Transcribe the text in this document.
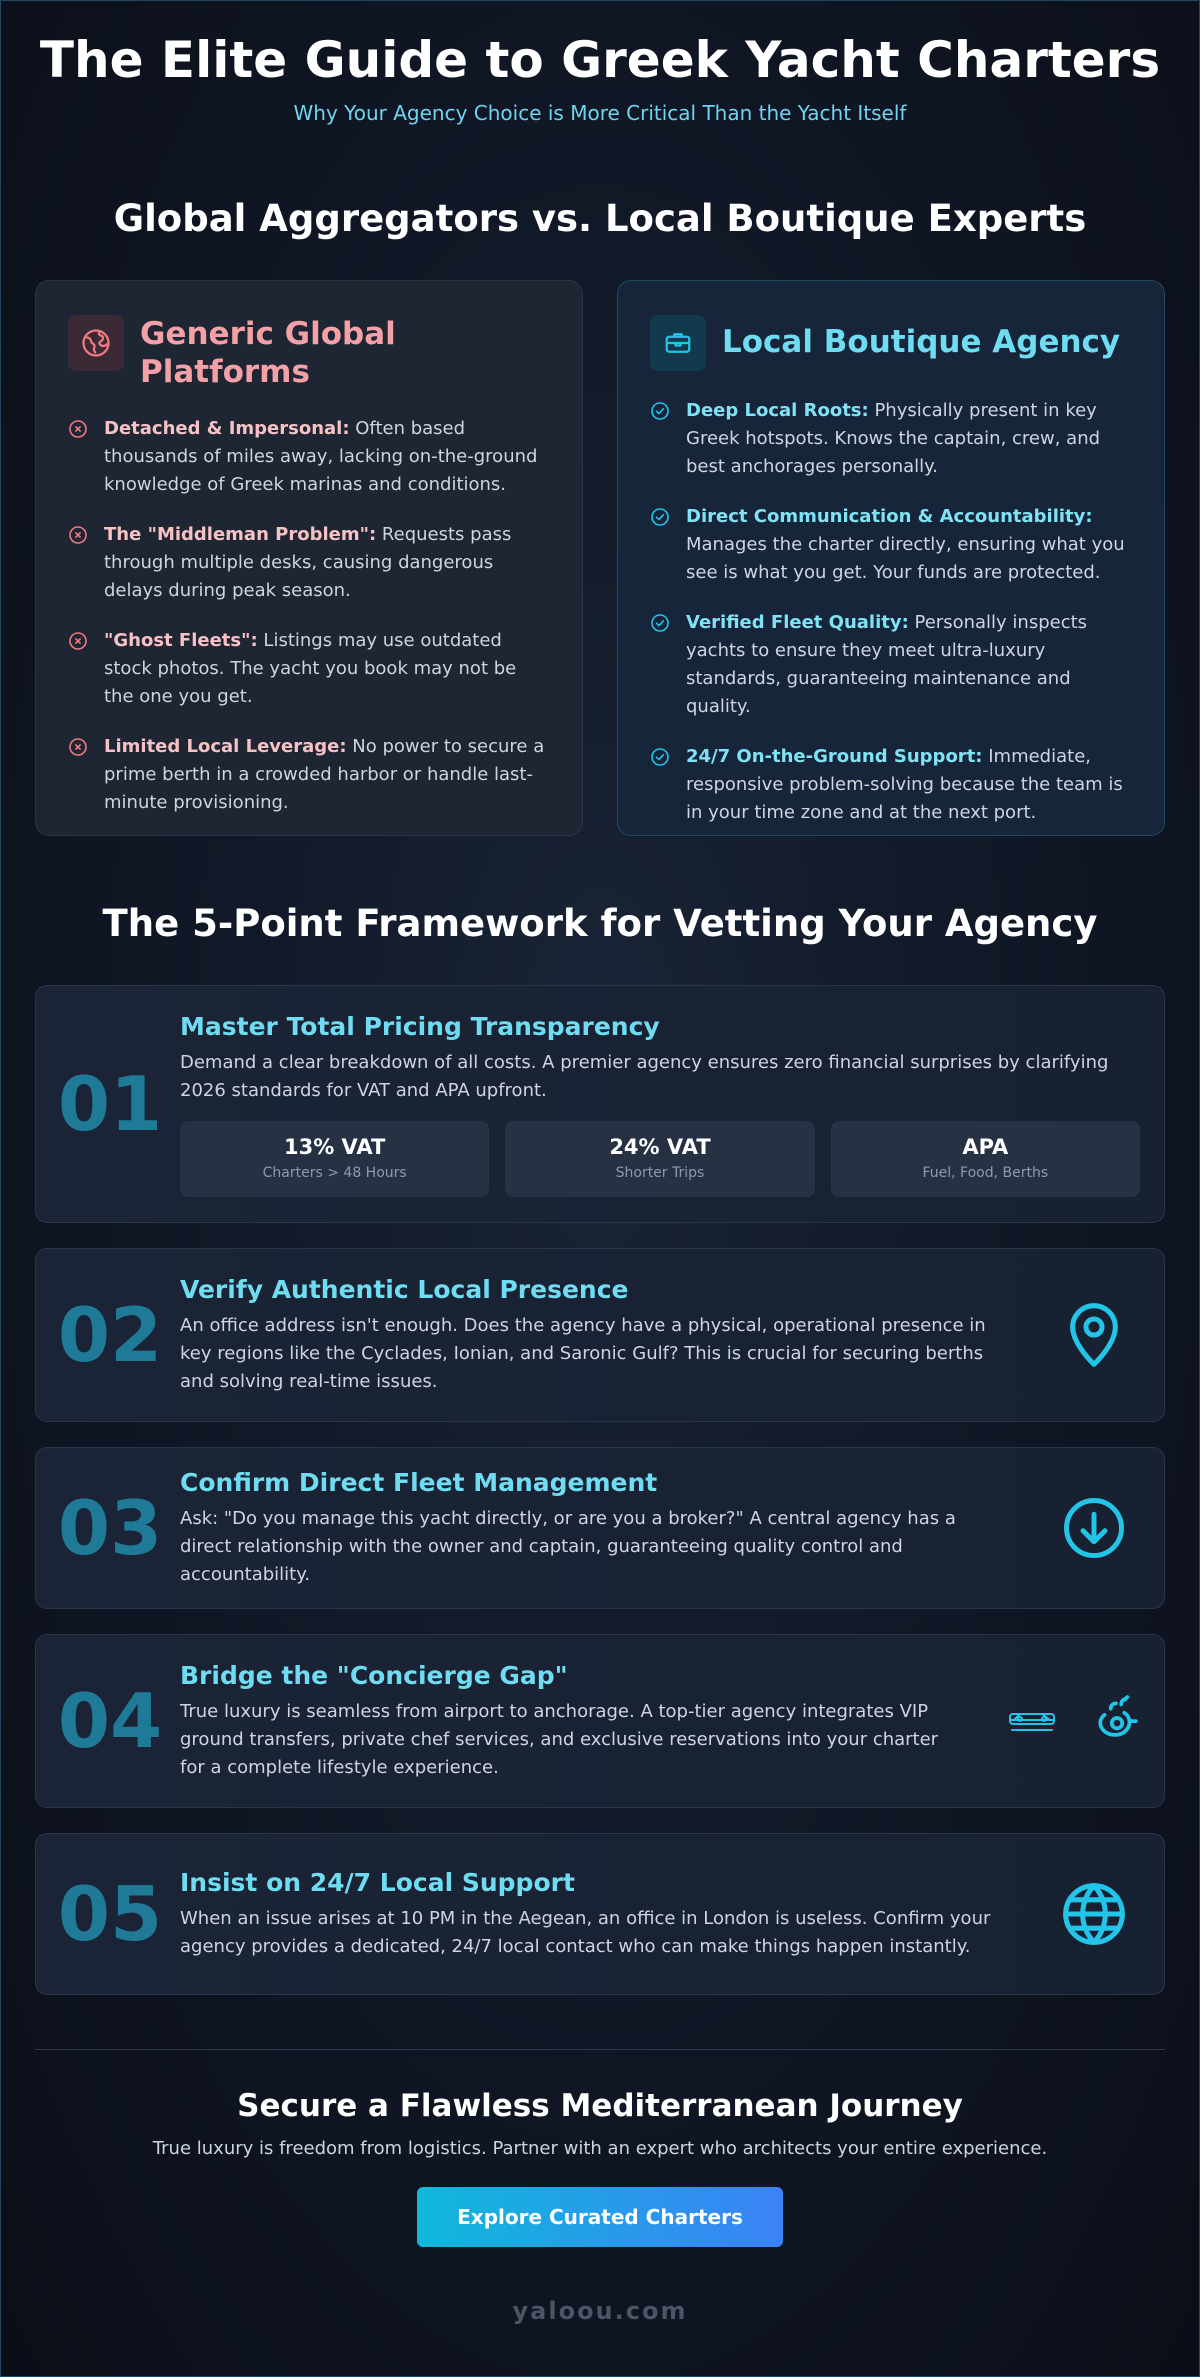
The Elite Guide to Greek Yacht Charters
Why Your Agency Choice is More Critical Than the Yacht Itself
Global Aggregators vs. Local Boutique Experts
Generic Global Platforms

Detached & Impersonal: Often based thousands of miles away, lacking on-the-ground knowledge of Greek marinas and conditions.

The "Middleman Problem": Requests pass through multiple desks, causing dangerous delays during peak season.

"Ghost Fleets": Listings may use outdated stock photos. The yacht you book may not be the one you get.

Limited Local Leverage: No power to secure a prime berth in a crowded harbor or handle last-minute provisioning.

Local Boutique Agency

Deep Local Roots: Physically present in key Greek hotspots. Knows the captain, crew, and best anchorages personally.

Direct Communication & Accountability: Manages the charter directly, ensuring what you see is what you get. Your funds are protected.

Verified Fleet Quality: Personally inspects yachts to ensure they meet ultra-luxury standards, guaranteeing maintenance and quality.

24/7 On-the-Ground Support: Immediate, responsive problem-solving because the team is in your time zone and at the next port.

The 5-Point Framework for Vetting Your Agency
01
Master Total Pricing Transparency
Demand a clear breakdown of all costs. A premier agency ensures zero financial surprises by clarifying 2026 standards for VAT and APA upfront.
13% VAT
Charters > 48 Hours
24% VAT
Shorter Trips
APA
Fuel, Food, Berths
02
Verify Authentic Local Presence
An office address isn't enough. Does the agency have a physical, operational presence in key regions like the Cyclades, Ionian, and Saronic Gulf? This is crucial for securing berths and solving real-time issues.
03
Confirm Direct Fleet Management
Ask: "Do you manage this yacht directly, or are you a broker?" A central agency has a direct relationship with the owner and captain, guaranteeing quality control and accountability.
04
Bridge the "Concierge Gap"
True luxury is seamless from airport to anchorage. A top-tier agency integrates VIP ground transfers, private chef services, and exclusive reservations into your charter for a complete lifestyle experience.
05 Insist on 24/7 Local Support
When an issue arises at 10 PM in the Aegean, an office in London is useless. Confirm your agency provides a dedicated, 24/7 local contact who can make things happen instantly.
Secure a Flawless Mediterranean Journey

True luxury is freedom from logistics. Partner with an expert who architects your entire experience.

Explore Curated Charters
yaloou.com
